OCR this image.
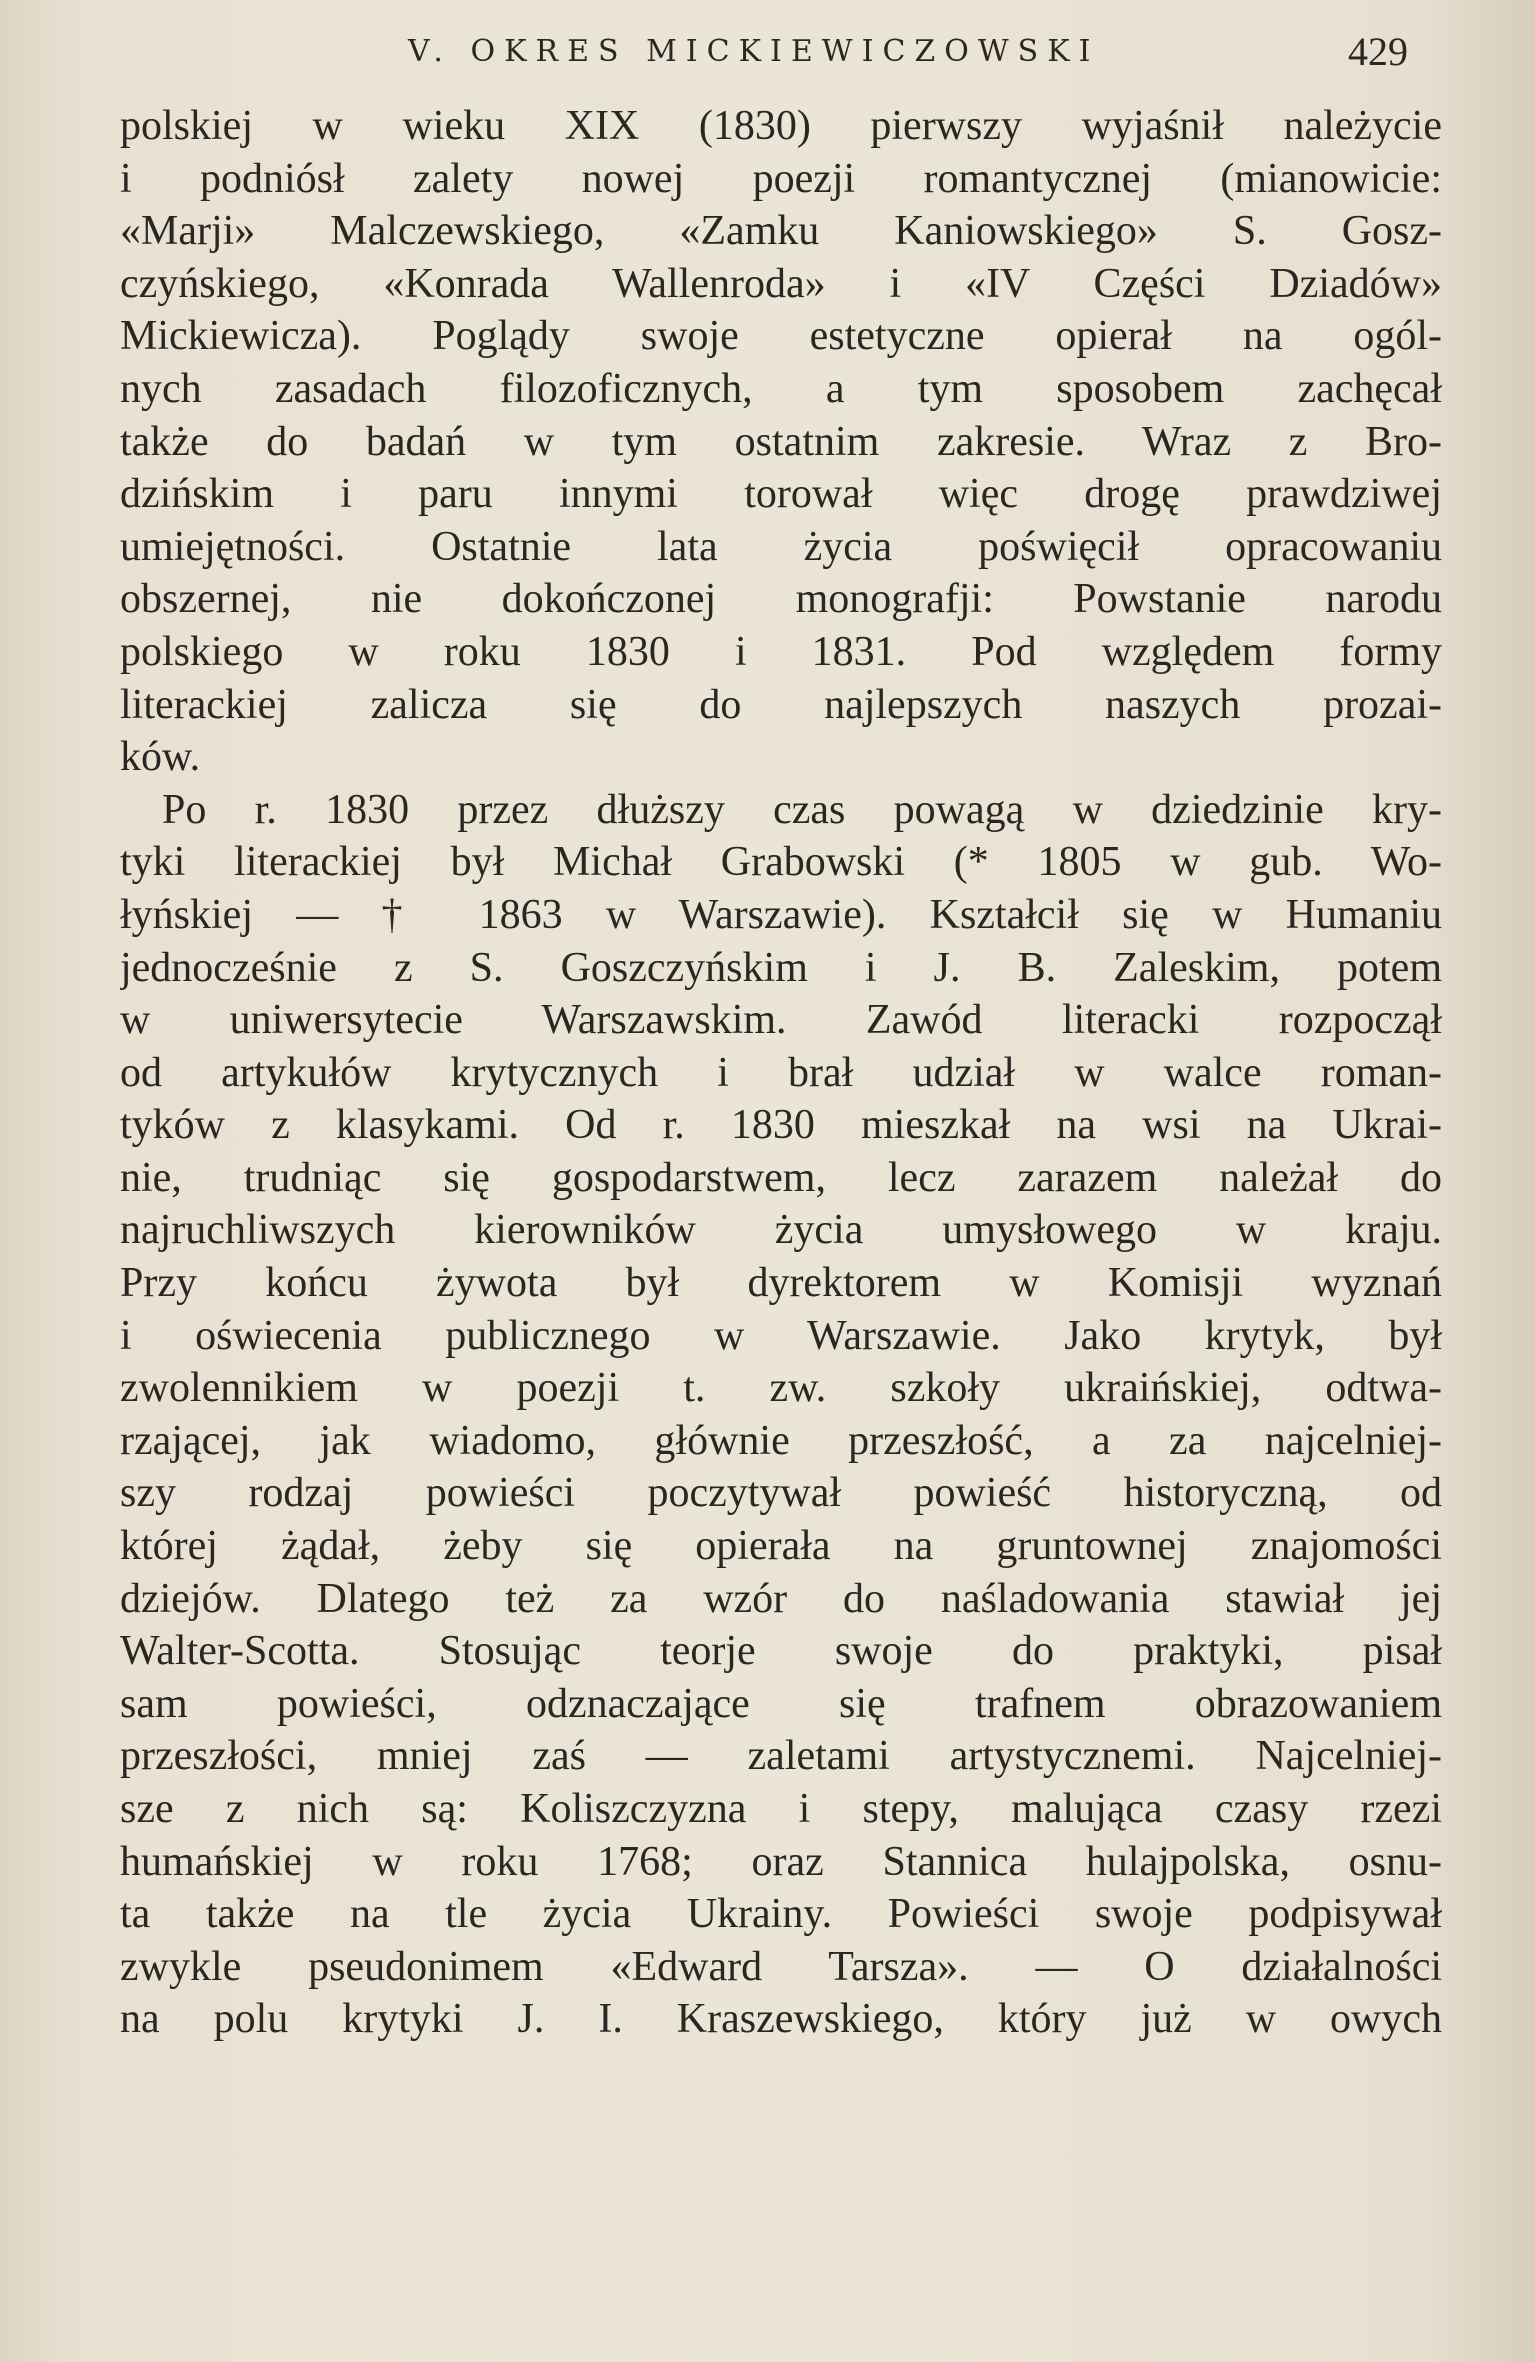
V. OKRES MICKIEWICZOWSKI	429
polskiej w wieku XIX (1830) pierwszy wyjaśnił należycie
i podniósł zalety nowej poezji romantycznej (mianowicie:
«Marji» Malczewskiego, «Zamku Kaniowskiego» S. Gosz-
czyńskiego, «Konrada Wallenroda» i «IV Części Dziadów»
Mickiewicza). Poglądy swoje estetyczne opierał na ogól-
nych zasadach filozoficznych, a tym sposobem zachęcał
także do badań w tym ostatnim zakresie. Wraz z Bro-
dzińskim i paru innymi torował więc drogę prawdziwej
umiejętności. Ostatnie lata życia poświęcił opracowaniu
obszernej, nie dokończonej monografji: Powstanie narodu
polskiego w roku 1830 i 1831. Pod względem formy
literackiej zalicza się do najlepszych naszych prozai-
ków.
Po r. 1830 przez dłuższy czas powagą w dziedzinie kry-
tyki literackiej był Michał Grabowski (* 1805 w gub. Wo-
łyńskiej — † 1863 w Warszawie). Kształcił się w Humaniu
jednocześnie z S. Goszczyńskim i J. B. Zaleskim, potem
w uniwersytecie Warszawskim. Zawód literacki rozpoczął
od artykułów krytycznych i brał udział w walce roman-
tyków z klasykami. Od r. 1830 mieszkał na wsi na Ukrai-
nie, trudniąc się gospodarstwem, lecz zarazem należał do
najruchliwszych kierowników życia umysłowego w kraju.
Przy końcu żywota był dyrektorem w Komisji wyznań
i oświecenia publicznego w Warszawie. Jako krytyk, był
zwolennikiem w poezji t. zw. szkoły ukraińskiej, odtwa-
rzającej, jak wiadomo, głównie przeszłość, a za najcelniej-
szy rodzaj powieści poczytywał powieść historyczną, od
której żądał, żeby się opierała na gruntownej znajomości
dziejów. Dlatego też za wzór do naśladowania stawiał jej
Walter-Scotta. Stosując teorje swoje do praktyki, pisał
sam powieści, odznaczające się trafnem obrazowaniem
przeszłości, mniej zaś — zaletami artystycznemi. Najcelniej-
sze z nich są: Koliszczyzna i stepy, malująca czasy rzezi
humańskiej w roku 1768; oraz Stannica hulajpolska, osnu-
ta także na tle życia Ukrainy. Powieści swoje podpisywał
zwykle pseudonimem «Edward Tarsza». — O działalności
na polu krytyki J. I. Kraszewskiego, który już w owych
